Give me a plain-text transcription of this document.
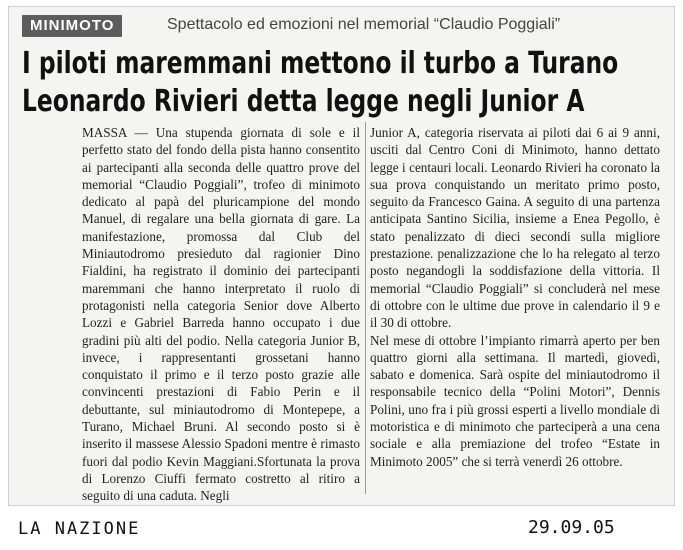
MINIMOTO	Spettacolo ed emozioni nel memorial “Claudio Poggiali”
I piloti maremmani mettono il turbo a Turano
Leonardo Rivieri detta legge negli Junior A

MASSA — Una stupenda giornata di sole e il perfetto stato del fondo della pista hanno consentito ai partecipanti alla seconda delle quattro prove del memorial “Claudio Poggiali”, trofeo di minimoto dedicato al papà del pluricampione del mondo Manuel, di regalare una bella giornata di gare. La manifestazione, promossa dal Club del Miniautodromo presieduto dal ragionier Dino Fialdini, ha registrato il dominio dei partecipanti maremmani che hanno interpretato il ruolo di protagonisti nella categoria Senior dove Alberto Lozzi e Gabriel Barreda hanno occupato i due gradini più alti del podio. Nella categoria Junior B, invece, i rappresentanti grossetani hanno conquistato il primo e il terzo posto grazie alle convincenti prestazioni di Fabio Perin e il debuttante, sul miniautodromo di Montepepe, a Turano, Michael Bruni. Al secondo posto si è inserito il massese Alessio Spadoni mentre è rimasto fuori dal podio Kevin Maggiani.Sfortunata la prova di Lorenzo Ciuffi fermato costretto al ritiro a seguito di una caduta. Negli

Junior A, categoria riservata ai piloti dai 6 ai 9 anni, usciti dal Centro Coni di Minimoto, hanno dettato legge i centauri locali. Leonardo Rivieri ha coronato la sua prova conquistando un meritato primo posto, seguito da Francesco Gaina. A seguito di una partenza anticipata Santino Sicilia, insieme a Enea Pegollo, è stato penalizzato di dieci secondi sulla migliore prestazione. penalizzazione che lo ha relegato al terzo posto negandogli la soddisfazione della vittoria. Il memorial “Claudio Poggiali” si concluderà nel mese di ottobre con le ultime due prove in calendario il 9 e il 30 di ottobre.

Nel mese di ottobre l’impianto rimarrà aperto per ben quattro giorni alla settimana. Il martedì, giovedì, sabato e domenica. Sarà ospite del miniautodromo il responsabile tecnico della “Polini Motori”, Dennis Polini, uno fra i più grossi esperti a livello mondiale di motoristica e di minimoto che parteciperà a una cena sociale e alla premiazione del trofeo “Estate in Minimoto 2005” che si terrà venerdì 26 ottobre.

LA NAZIONE	29.09.05
